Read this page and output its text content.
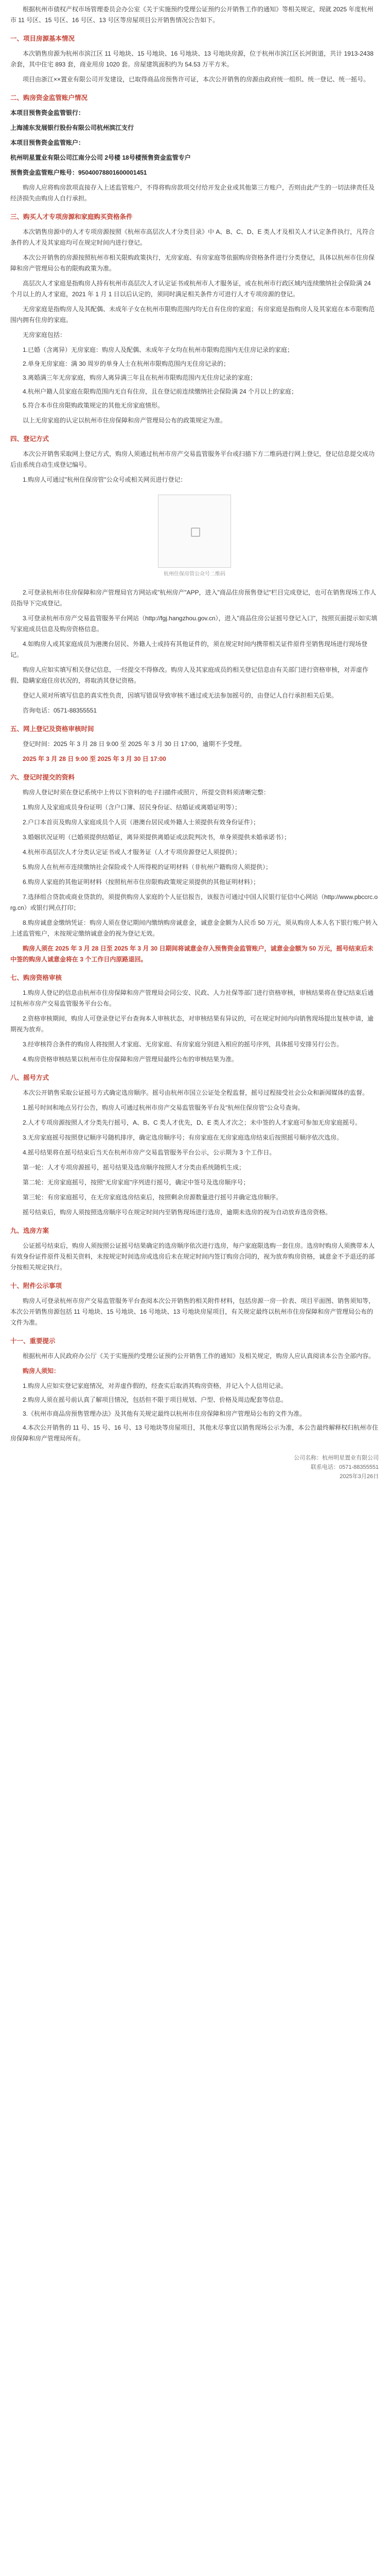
根据杭州市债权产权市场管理委员会办公室《关于实施预约受理公证预约公开销售工作的通知》等相关规定，现就 2025 年度杭州市 11 号区、15 号区、16 号区、13 号区等房屋项目公开销售情况公告如下。

一、项目房源基本情况

本次销售房源为杭州市滨江区 11 号地块、15 号地块、16 号地块、13 号地块房源，位于杭州市滨江区长河街道，共计 1913-2438 余套，其中住宅 893 套，商业用房 1020 套。房屋建筑面积约为 54.53 万平方米。

项目由浙江××置业有限公司开发建设，已取得商品房预售许可证，本次公开销售的房源由政府统一组织、统一登记、统一摇号。

二、购房资金监管账户情况

本项目预售资金监管银行：

上海浦东发展银行股份有限公司杭州滨江支行

本项目预售资金监管账户：

杭州明星置业有限公司江南分公司 2号楼 18号楼预售资金监管专户

预售资金监管账户账号：95040078801600001451

购房人应将购房款项直接存入上述监管账户，不得将购房款项交付给开发企业或其他第三方账户，否则由此产生的一切法律责任及经济损失由购房人自行承担。

三、购买人才专项房源和家庭购买资格条件

本次销售房源中的人才专项房源按照《杭州市高层次人才分类目录》中 A、B、C、D、E 类人才及相关人才认定条件执行，凡符合条件的人才及其家庭均可在规定时间内进行登记。

本次公开销售的房源按照杭州市相关限购政策执行，无房家庭、有房家庭等依据购房资格条件进行分类登记，具体以杭州市住房保障和房产管理局公布的限购政策为准。

高层次人才家庭是指购房人持有杭州市高层次人才认定证书或杭州市人才服务证，或在杭州市行政区域内连续缴纳社会保险满 24 个月以上的人才家庭，2021 年 1 月 1 日以后认定的，须同时满足相关条件方可进行人才专项房源的登记。

无房家庭是指购房人及其配偶、未成年子女在杭州市限购范围内均无自有住房的家庭；有房家庭是指购房人及其家庭在本市限购范围内拥有住房的家庭。

无房家庭包括：

1.已婚（含离异）无房家庭：购房人及配偶、未成年子女均在杭州市限购范围内无住房记录的家庭；
2.单身无房家庭：满 30 周岁的单身人士在杭州市限购范围内无住房记录的；
3.离婚满三年无房家庭，购房人离异满三年且在杭州市限购范围内无住房记录的家庭；
4.杭州户籍人员家庭在限购范围内无自有住房，且在登记前连续缴纳社会保险满 24 个月以上的家庭；
5.符合本市住房限购政策规定的其他无房家庭情形。

以上无房家庭的认定以杭州市住房保障和房产管理局公布的政策规定为准。

四、登记方式

本次公开销售采取网上登记方式，购房人须通过杭州市房产交易监管服务平台或扫描下方二维码进行网上登记，登记信息提交成功后由系统自动生成登记编号。

1.购房人可通过"杭州住保房管"公众号或相关网页进行登记：

杭州住保房管公众号二维码

2.可登录杭州市住房保障和房产管理局官方网站或"杭州房产"APP，进入"商品住房预售登记"栏目完成登记，也可在销售现场工作人员指导下完成登记。

3.可登录杭州市房产交易监管服务平台网站（http://fgj.hangzhou.gov.cn），进入"商品住房公证摇号登记入口"，按照页面提示如实填写家庭成员信息及购房资格信息。

4.如购房人或其家庭成员为港澳台居民、外籍人士或持有其他证件的，须在规定时间内携带相关证件原件至销售现场进行现场登记。

购房人应如实填写相关登记信息，一经提交不得修改。购房人及其家庭成员的相关登记信息由有关部门进行资格审核，对弄虚作假、隐瞒家庭住房状况的，将取消其登记资格。

登记人须对所填写信息的真实性负责，因填写错误导致审核不通过或无法参加摇号的，由登记人自行承担相关后果。

咨询电话：0571-88355551

五、网上登记及资格审核时间

登记时间：2025 年 3 月 28 日 9:00 至 2025 年 3 月 30 日 17:00，逾期不予受理。

2025 年 3 月 28 日 9:00 至 2025 年 3 月 30 日 17:00

六、登记时提交的资料

购房人登记时须在登记系统中上传以下资料的电子扫描件或照片，所提交资料须清晰完整：

1.购房人及家庭成员身份证明（含户口簿、居民身份证、结婚证或离婚证明等）；

2.户口本首页及购房人家庭成员个人页（港澳台居民或外籍人士须提供有效身份证件）；

3.婚姻状况证明（已婚须提供结婚证，离异须提供离婚证或法院判决书，单身须提供未婚承诺书）；

4.杭州市高层次人才分类认定证书或人才服务证（人才专项房源登记人须提供）；

5.购房人在杭州市连续缴纳社会保险或个人所得税的证明材料（非杭州户籍购房人须提供）；

6.购房人家庭的其他证明材料（按照杭州市住房限购政策规定须提供的其他证明材料）；

7.选择组合贷款或商业贷款的，须提供购房人家庭的个人征信报告，该报告可通过中国人民银行征信中心网站（http://www.pbccrc.org.cn）或银行网点打印；

8.购房诚意金缴纳凭证：购房人须在登记期间内缴纳购房诚意金，诚意金金额为人民币 50 万元，须从购房人本人名下银行账户转入上述监管账户，未按规定缴纳诚意金的视为登记无效。

购房人须在 2025 年 3 月 28 日至 2025 年 3 月 30 日期间将诚意金存入预售资金监管账户，诚意金金额为 50 万元，摇号结束后未中签的购房人诚意金将在 3 个工作日内原路退回。

七、购房资格审核

1.购房人登记的信息由杭州市住房保障和房产管理局会同公安、民政、人力社保等部门进行资格审核，审核结果将在登记结束后通过杭州市房产交易监管服务平台公布。

2.资格审核期间，购房人可登录登记平台查询本人审核状态，对审核结果有异议的，可在规定时间内向销售现场提出复核申请，逾期视为放弃。

3.经审核符合条件的购房人将按照人才家庭、无房家庭、有房家庭分别进入相应的摇号序列，具体摇号安排另行公告。

4.购房资格审核结果以杭州市住房保障和房产管理局最终公布的审核结果为准。

八、摇号方式

本次公开销售采取公证摇号方式确定选房顺序。摇号由杭州市国立公证处全程监督，摇号过程接受社会公众和新闻媒体的监督。

1.摇号时间和地点另行公告，购房人可通过杭州市房产交易监管服务平台及"杭州住保房管"公众号查询。

2.人才专项房源按照人才分类先行摇号，A、B、C 类人才优先，D、E 类人才次之；未中签的人才家庭可参加无房家庭摇号。

3.无房家庭摇号按照登记顺序号随机排序，确定选房顺序号；有房家庭在无房家庭选房结束后按照摇号顺序依次选房。

4.摇号结果将在摇号结束后当天在杭州市房产交易监管服务平台公示，公示期为 3 个工作日。

第一轮：人才专项房源摇号，摇号结果及选房顺序按照人才分类由系统随机生成；

第二轮：无房家庭摇号，按照"无房家庭"序列进行摇号，确定中签号及选房顺序号；

第三轮：有房家庭摇号，在无房家庭选房结束后，按照剩余房源数量进行摇号并确定选房顺序。

摇号结束后，购房人须按照选房顺序号在规定时间内至销售现场进行选房，逾期未选房的视为自动放弃选房资格。

九、选房方案

公证摇号结束后，购房人须按照公证摇号结果确定的选房顺序依次进行选房，每户家庭限选购一套住房。选房时购房人须携带本人有效身份证件原件及相关资料，未按规定时间选房或选房后未在规定时间内签订购房合同的，视为放弃购房资格，诚意金不予退还的部分按相关规定执行。

十、附件公示事项

购房人可登录杭州市房产交易监管服务平台查阅本次公开销售的相关附件材料，包括房源一房一价表、项目平面图、销售须知等，本次公开销售房源包括 11 号地块、15 号地块、16 号地块、13 号地块房屋项目，有关规定最终以杭州市住房保障和房产管理局公布的文件为准。

十一、重要提示

根据杭州市人民政府办公厅《关于实施预约受理公证预约公开销售工作的通知》及相关规定，购房人应认真阅读本公告全部内容。

购房人须知：

1.购房人应如实登记家庭情况，对弄虚作假的，经查实后取消其购房资格，并记入个人信用记录。
2.购房人须在摇号前认真了解项目情况，包括但不限于项目规划、户型、价格及周边配套等信息。
3.《杭州市商品房预售管理办法》及其他有关规定最终以杭州市住房保障和房产管理局公布的文件为准。
4.本次公开销售的 11 号、15 号、16 号、13 号地块等房屋项目，其他未尽事宜以销售现场公示为准，本公告最终解释权归杭州市住房保障和房产管理局所有。
公司名称：杭州明星置业有限公司
联系电话：0571-88355551
2025年3月26日
